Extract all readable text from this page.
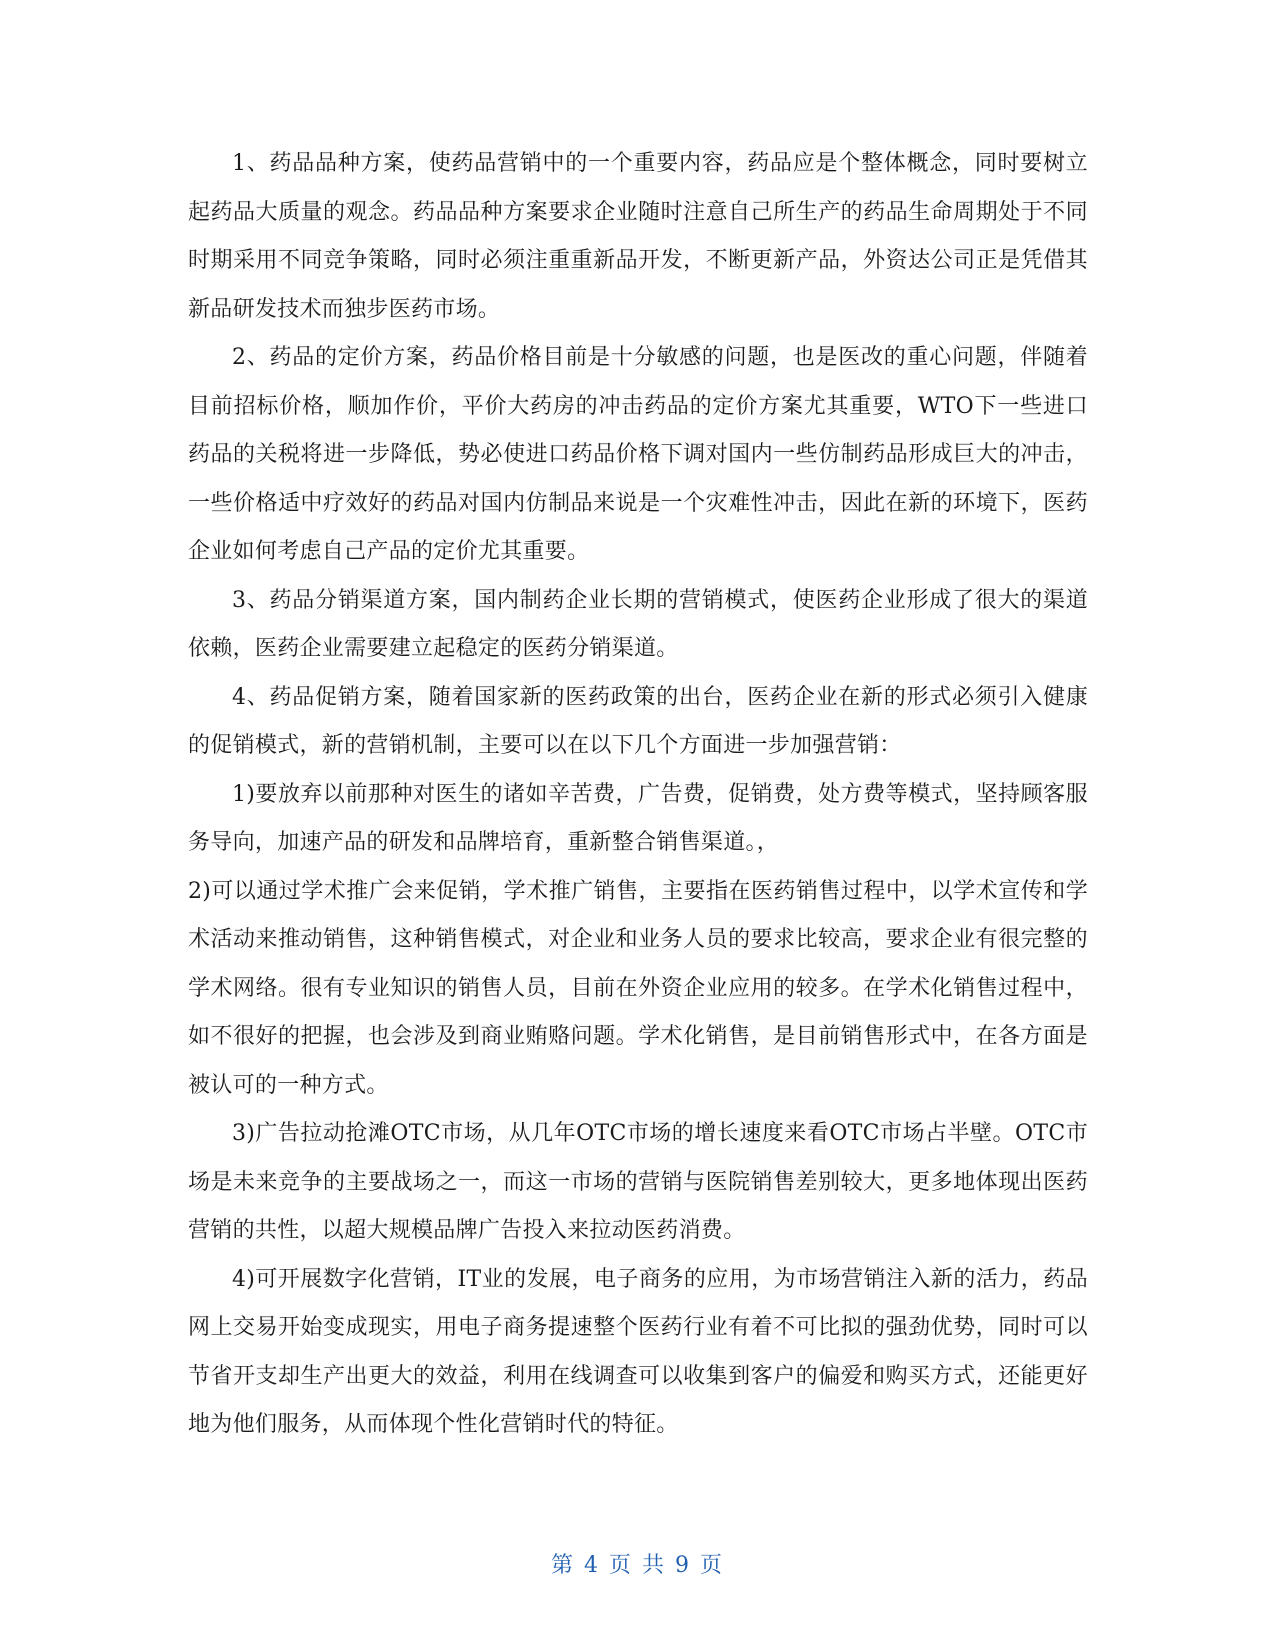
1、药品品种方案，使药品营销中的一个重要内容，药品应是个整体概念，同时要树立起药品大质量的观念。药品品种方案要求企业随时注意自己所生产的药品生命周期处于不同时期采用不同竞争策略，同时必须注重重新品开发，不断更新产品，外资达公司正是凭借其新品研发技术而独步医药市场。

2、药品的定价方案，药品价格目前是十分敏感的问题，也是医改的重心问题，伴随着目前招标价格，顺加作价，平价大药房的冲击药品的定价方案尤其重要，WTO下一些进口药品的关税将进一步降低，势必使进口药品价格下调对国内一些仿制药品形成巨大的冲击，一些价格适中疗效好的药品对国内仿制品来说是一个灾难性冲击，因此在新的环境下，医药企业如何考虑自己产品的定价尤其重要。

3、药品分销渠道方案，国内制药企业长期的营销模式，使医药企业形成了很大的渠道依赖，医药企业需要建立起稳定的医药分销渠道。

4、药品促销方案，随着国家新的医药政策的出台，医药企业在新的形式必须引入健康的促销模式，新的营销机制，主要可以在以下几个方面进一步加强营销：

1)要放弃以前那种对医生的诸如辛苦费，广告费，促销费，处方费等模式，坚持顾客服务导向，加速产品的研发和品牌培育，重新整合销售渠道。，

2)可以通过学术推广会来促销，学术推广销售，主要指在医药销售过程中，以学术宣传和学术活动来推动销售，这种销售模式，对企业和业务人员的要求比较高，要求企业有很完整的学术网络。很有专业知识的销售人员，目前在外资企业应用的较多。在学术化销售过程中，如不很好的把握，也会涉及到商业贿赂问题。学术化销售，是目前销售形式中，在各方面是被认可的一种方式。

3)广告拉动抢滩OTC市场，从几年OTC市场的增长速度来看OTC市场占半壁。OTC市场是未来竞争的主要战场之一，而这一市场的营销与医院销售差别较大，更多地体现出医药营销的共性，以超大规模品牌广告投入来拉动医药消费。

4)可开展数字化营销，IT业的发展，电子商务的应用，为市场营销注入新的活力，药品网上交易开始变成现实，用电子商务提速整个医药行业有着不可比拟的强劲优势，同时可以节省开支却生产出更大的效益，利用在线调查可以收集到客户的偏爱和购买方式，还能更好地为他们服务，从而体现个性化营销时代的特征。

第 4 页 共 9 页
